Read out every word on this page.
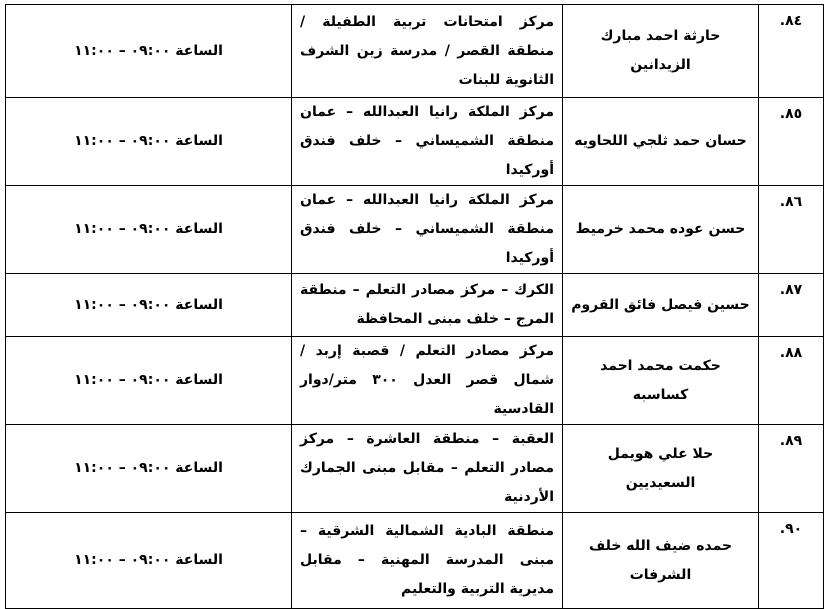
.٨٤	حارثة احمد مبارك الزيدانين	مركز امتحانات تربية الطفيلة / منطقة القصر / مدرسة زين الشرف الثانوية للبنات	الساعة ٠٩:٠٠ – ١١:٠٠
.٨٥	حسان حمد ثلجي اللحاويه	مركز الملكة رانيا العبدالله – عمان منطقة الشميساني – خلف فندق أوركيدا	الساعة ٠٩:٠٠ – ١١:٠٠
.٨٦	حسن عوده محمد خرميط	مركز الملكة رانيا العبدالله – عمان منطقة الشميساني – خلف فندق أوركيدا	الساعة ٠٩:٠٠ – ١١:٠٠
.٨٧	حسين فيصل فائق القروم	الكرك – مركز مصادر التعلم – منطقة المرج – خلف مبنى المحافظة	الساعة ٠٩:٠٠ – ١١:٠٠
.٨٨	حكمت محمد احمد كساسبه	مركز مصادر التعلم / قصبة إربد / شمال قصر العدل ٣٠٠ متر/دوار القادسية	الساعة ٠٩:٠٠ – ١١:٠٠
.٨٩	حلا علي هويمل السعيديين	العقبة – منطقة العاشرة – مركز مصادر التعلم – مقابل مبنى الجمارك الأردنية	الساعة ٠٩:٠٠ – ١١:٠٠
.٩٠	حمده ضيف الله خلف الشرفات	منطقة البادية الشمالية الشرقية – مبنى المدرسة المهنية – مقابل مديرية التربية والتعليم	الساعة ٠٩:٠٠ – ١١:٠٠
